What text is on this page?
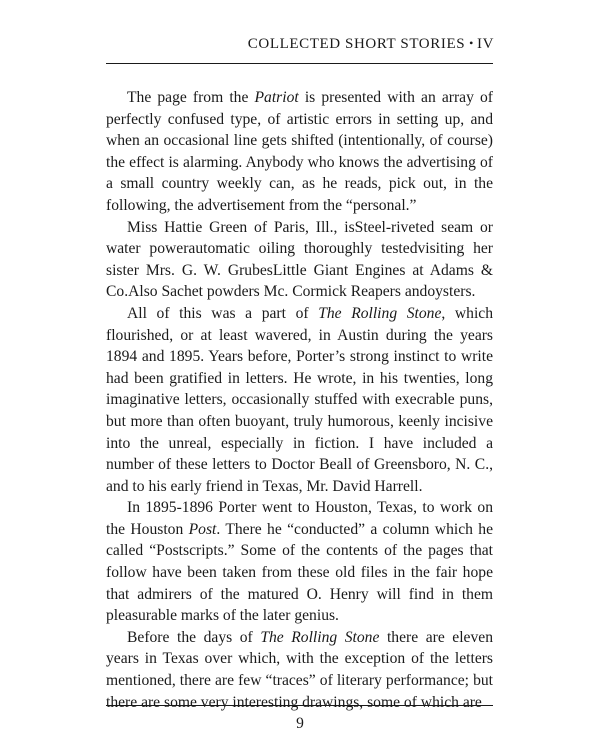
COLLECTED SHORT STORIES • IV

The page from the Patriot is presented with an array of perfectly confused type, of artistic errors in setting up, and when an occasional line gets shifted (intentionally, of course) the effect is alarming. Anybody who knows the advertising of a small country weekly can, as he reads, pick out, in the following, the advertisement from the “personal.”

Miss Hattie Green of Paris, Ill., isSteel-riveted seam or water powerautomatic oiling thoroughly testedvisiting her sister Mrs. G. W. GrubesLittle Giant Engines at Adams & Co.Also Sachet powders Mc. Cormick Reapers andoysters.

All of this was a part of The Rolling Stone, which flourished, or at least wavered, in Austin during the years 1894 and 1895. Years before, Porter’s strong instinct to write had been gratified in letters. He wrote, in his twenties, long imaginative letters, occasionally stuffed with execrable puns, but more than often buoyant, truly humorous, keenly incisive into the unreal, especially in fiction. I have included a number of these letters to Doctor Beall of Greensboro, N. C., and to his early friend in Texas, Mr. David Harrell.

In 1895-1896 Porter went to Houston, Texas, to work on the Houston Post. There he “conducted” a column which he called “Postscripts.” Some of the contents of the pages that follow have been taken from these old files in the fair hope that admirers of the matured O. Henry will find in them pleasurable marks of the later genius.

Before the days of The Rolling Stone there are eleven years in Texas over which, with the exception of the letters mentioned, there are few “traces” of literary performance; but there are some very interesting drawings, some of which are

9
